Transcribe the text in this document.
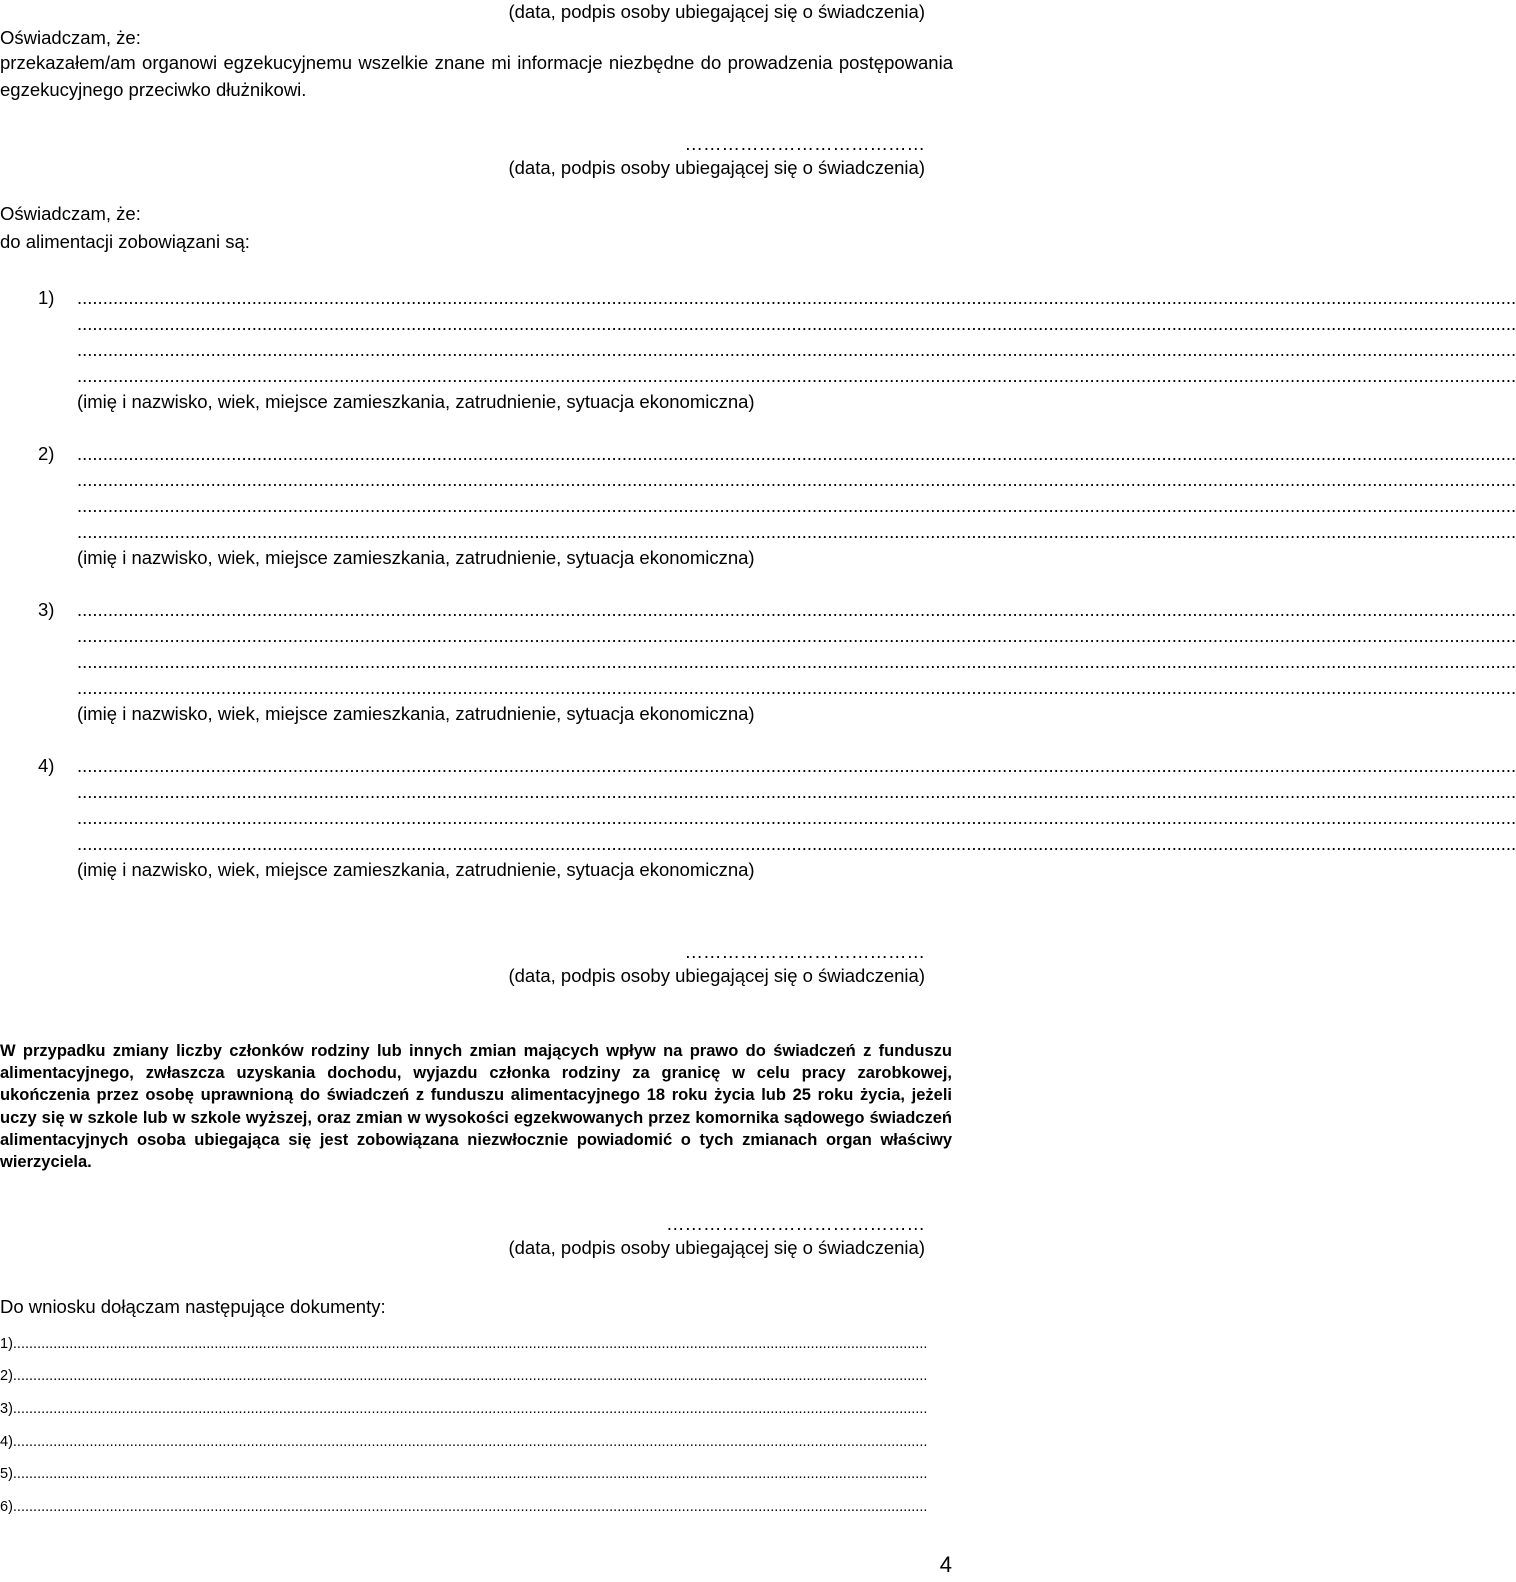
(data, podpis osoby ubiegającej się o świadczenia)
Oświadczam, że:
przekazałem/am organowi egzekucyjnemu wszelkie znane mi informacje niezbędne do prowadzenia postępowania egzekucyjnego przeciwko dłużnikowi.
…………………………………
(data, podpis osoby ubiegającej się o świadczenia)
Oświadczam, że:
do alimentacji zobowiązani są:
1) ........................................................................................................................................................................................................................................................................................
........................................................................................................................................................................................................................................................................................
........................................................................................................................................................................................................................................................................................
........................................................................................................................................................................................................................................................................................
(imię i nazwisko, wiek, miejsce zamieszkania, zatrudnienie, sytuacja ekonomiczna)
2) ........................................................................................................................................................................................................................................................................................
........................................................................................................................................................................................................................................................................................
........................................................................................................................................................................................................................................................................................
........................................................................................................................................................................................................................................................................................
(imię i nazwisko, wiek, miejsce zamieszkania, zatrudnienie, sytuacja ekonomiczna)
3) ........................................................................................................................................................................................................................................................................................
........................................................................................................................................................................................................................................................................................
........................................................................................................................................................................................................................................................................................
........................................................................................................................................................................................................................................................................................
(imię i nazwisko, wiek, miejsce zamieszkania, zatrudnienie, sytuacja ekonomiczna)
4) ........................................................................................................................................................................................................................................................................................
........................................................................................................................................................................................................................................................................................
........................................................................................................................................................................................................................................................................................
........................................................................................................................................................................................................................................................................................
(imię i nazwisko, wiek, miejsce zamieszkania, zatrudnienie, sytuacja ekonomiczna)
…………………………………
(data, podpis osoby ubiegającej się o świadczenia)
W przypadku zmiany liczby członków rodziny lub innych zmian mających wpływ na prawo do świadczeń z funduszu alimentacyjnego, zwłaszcza uzyskania dochodu, wyjazdu członka rodziny za granicę w celu pracy zarobkowej, ukończenia przez osobę uprawnioną do świadczeń z funduszu alimentacyjnego 18 roku życia lub 25 roku życia, jeżeli uczy się w szkole lub w szkole wyższej, oraz zmian w wysokości egzekwowanych przez komornika sądowego świadczeń alimentacyjnych osoba ubiegająca się jest zobowiązana niezwłocznie powiadomić o tych zmianach organ właściwy wierzyciela.
……………………………………
(data, podpis osoby ubiegającej się o świadczenia)
Do wniosku dołączam następujące dokumenty:
1)...................................................................................................................................................................................................................................
2)...................................................................................................................................................................................................................................
3)...................................................................................................................................................................................................................................
4)...................................................................................................................................................................................................................................
5)...................................................................................................................................................................................................................................
6)...................................................................................................................................................................................................................................
4
